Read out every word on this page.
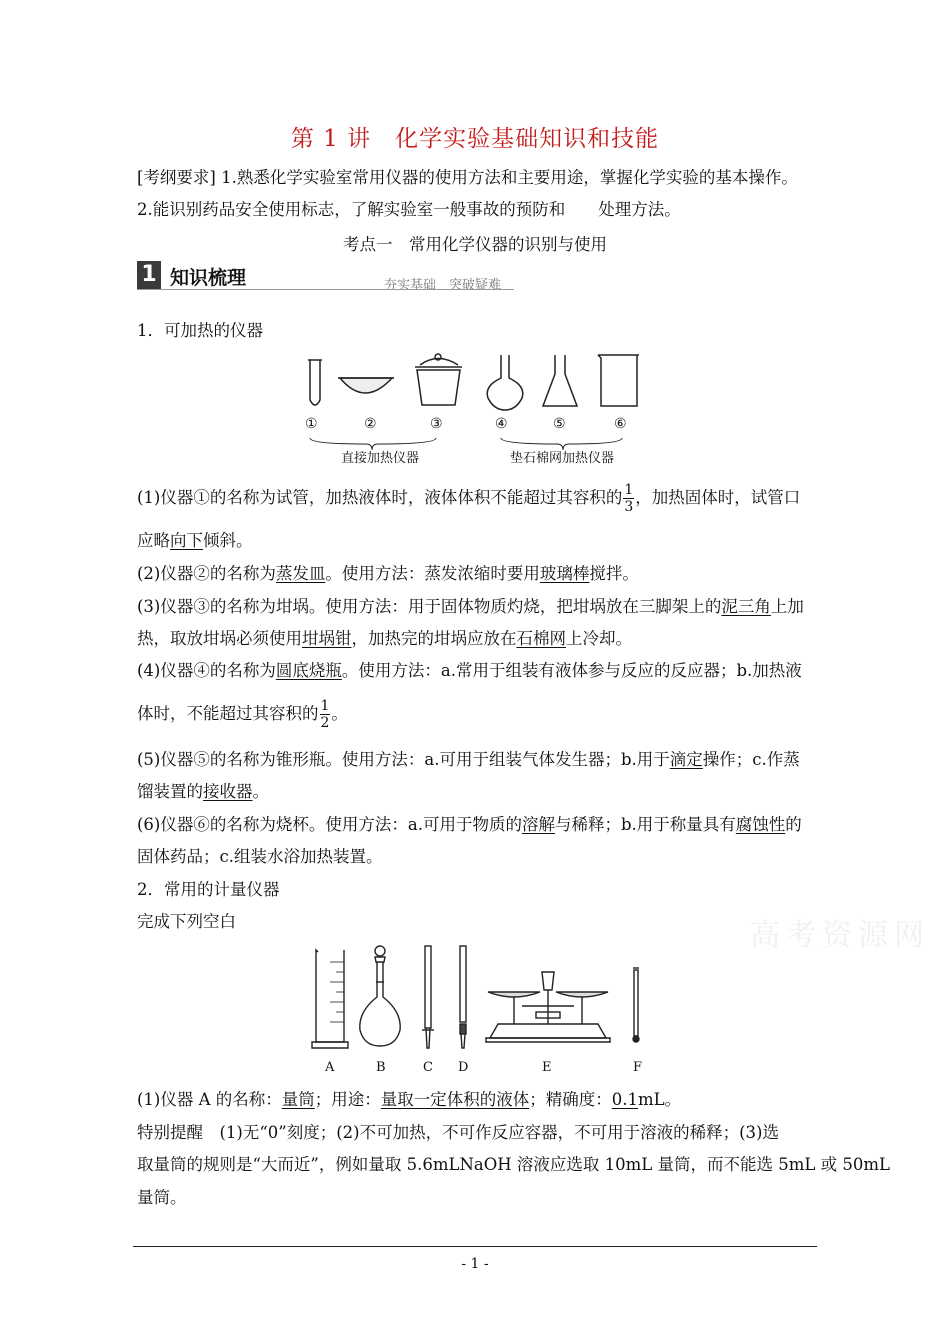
第 1 讲　化学实验基础知识和技能
[考纲要求] 1.熟悉化学实验室常用仪器的使用方法和主要用途，掌握化学实验的基本操作。
2.能识别药品安全使用标志，了解实验室一般事故的预防和　　处理方法。
考点一　常用化学仪器的识别与使用
1 知识梳理	夯实基础　突破疑难
1．可加热的仪器
①	②	③	④	⑤	⑥
直接加热仪器	垫石棉网加热仪器
(1)仪器①的名称为试管，加热液体时，液体体积不能超过其容积的 $\frac{1}{3}$ ，加热固体时，试管口
应略向下倾斜。
(2)仪器②的名称为蒸发皿。使用方法：蒸发浓缩时要用玻璃棒搅拌。
(3)仪器③的名称为坩埚。使用方法：用于固体物质灼烧，把坩埚放在三脚架上的泥三角上加
热，取放坩埚必须使用坩埚钳，加热完的坩埚应放在石棉网上冷却。
(4)仪器④的名称为圆底烧瓶。使用方法：a.常用于组装有液体参与反应的反应器；b.加热液
体时，不能超过其容积的 $\frac{1}{2}$ 。
(5)仪器⑤的名称为锥形瓶。使用方法：a.可用于组装气体发生器；b.用于滴定操作；c.作蒸
馏装置的接收器。
(6)仪器⑥的名称为烧杯。使用方法：a.可用于物质的溶解与稀释；b.用于称量具有腐蚀性的
固体药品；c.组装水浴加热装置。
2．常用的计量仪器
完成下列空白	高考资源网
A	B	C D	E	F
(1)仪器 A 的名称：量筒；用途：量取一定体积的液体；精确度：0.1mL。
特别提醒　(1)无“0”刻度；(2)不可加热，不可作反应容器，不可用于溶液的稀释；(3)选
取量筒的规则是“大而近”，例如量取 5.6mLNaOH 溶液应选取 10mL 量筒，而不能选 5mL 或 50mL
量筒。
- 1 -
